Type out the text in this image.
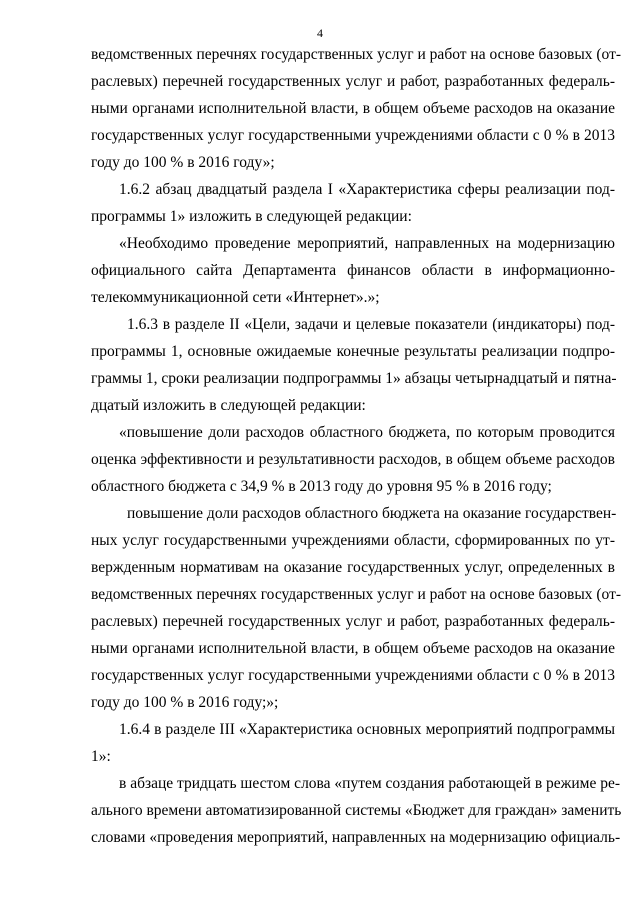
4
ведомственных перечнях государственных услуг и работ на основе базовых (от-
раслевых) перечней государственных услуг и работ, разработанных федераль-
ными органами исполнительной власти, в общем объеме расходов на оказание
государственных услуг государственными учреждениями области с 0 % в 2013
году до 100 % в 2016 году»;
1.6.2 абзац двадцатый раздела I «Характеристика сферы реализации под-
программы 1» изложить в следующей редакции:
«Необходимо проведение мероприятий, направленных на модернизацию
официального сайта Департамента финансов области в информационно-
телекоммуникационной сети «Интернет».»;
1.6.3 в разделе II «Цели, задачи и целевые показатели (индикаторы) под-
программы 1, основные ожидаемые конечные результаты реализации подпро-
граммы 1, сроки реализации подпрограммы 1» абзацы четырнадцатый и пятна-
дцатый изложить в следующей редакции:
«повышение доли расходов областного бюджета, по которым проводится
оценка эффективности и результативности расходов, в общем объеме расходов
областного бюджета с 34,9 % в 2013 году до уровня 95 % в 2016 году;
повышение доли расходов областного бюджета на оказание государствен-
ных услуг государственными учреждениями области, сформированных по ут-
вержденным нормативам на оказание государственных услуг, определенных в
ведомственных перечнях государственных услуг и работ на основе базовых (от-
раслевых) перечней государственных услуг и работ, разработанных федераль-
ными органами исполнительной власти, в общем объеме расходов на оказание
государственных услуг государственными учреждениями области с 0 % в 2013
году до 100 % в 2016 году;»;
1.6.4 в разделе III «Характеристика основных мероприятий подпрограммы
1»:
в абзаце тридцать шестом слова «путем создания работающей в режиме ре-
ального времени автоматизированной системы «Бюджет для граждан» заменить
словами «проведения мероприятий, направленных на модернизацию официаль-
